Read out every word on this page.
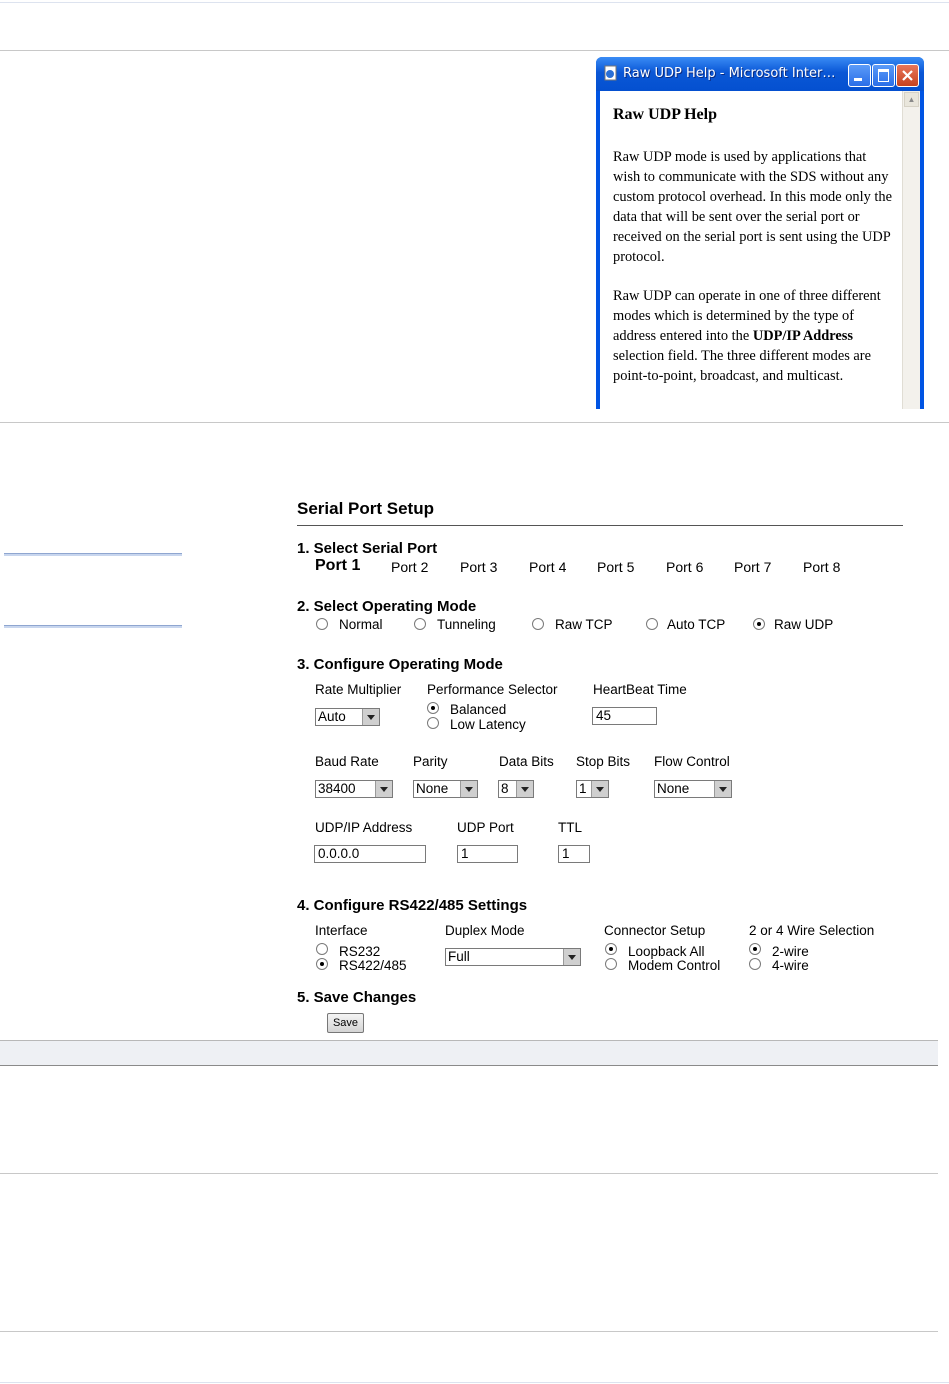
Raw UDP Help - Microsoft Inter…
Raw UDP Help
Raw UDP mode is used by applications that wish to communicate with the SDS without any custom protocol overhead. In this mode only the data that will be sent over the serial port or received on the serial port is sent using the UDP protocol.
Raw UDP can operate in one of three different modes which is determined by the type of address entered into the UDP/IP Address selection field. The three different modes are point-to-point, broadcast, and multicast.
▲
Serial Port Setup
1. Select Serial Port
Port 1 Port 2 Port 3 Port 4 Port 5 Port 6 Port 7 Port 8
2. Select Operating Mode
Normal	Tunneling	Raw TCP	Auto TCP	Raw UDP
3. Configure Operating Mode
Rate Multiplier
Auto
Performance Selector
Balanced
Low Latency
HeartBeat Time
45
Baud Rate
38400
Parity
None
Data Bits
8
Stop Bits
1
Flow Control
None
UDP/IP Address
0.0.0.0
UDP Port
1
TTL
1
4. Configure RS422/485 Settings
Interface
RS232
RS422/485
Duplex Mode
Full
Connector Setup
Loopback All
Modem Control
2 or 4 Wire Selection
2-wire
4-wire
5. Save Changes
Save
